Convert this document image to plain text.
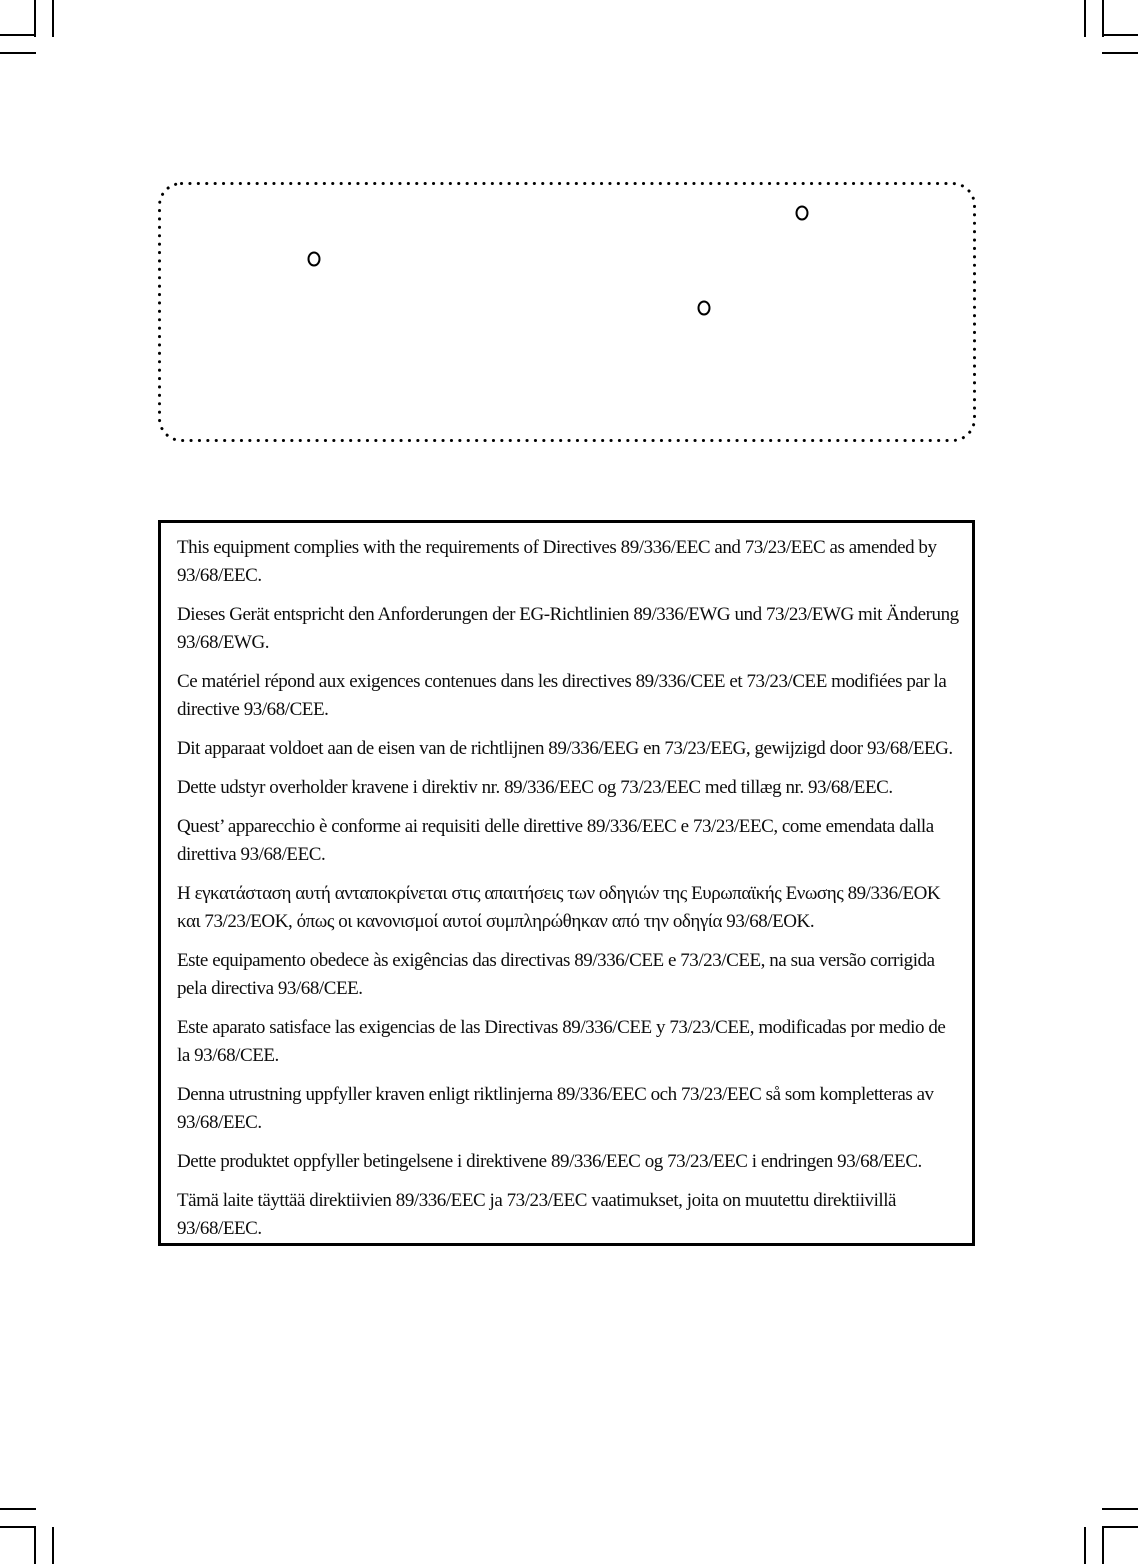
This equipment complies with the requirements of Directives 89/336/EEC and 73/23/EEC as amended by 93/68/EEC.

Dieses Gerät entspricht den Anforderungen der EG-Richtlinien 89/336/EWG und 73/23/EWG mit Änderung 93/68/EWG.

Ce matériel répond aux exigences contenues dans les directives 89/336/CEE et 73/23/CEE modifiées par la directive 93/68/CEE.

Dit apparaat voldoet aan de eisen van de richtlijnen 89/336/EEG en 73/23/EEG, gewijzigd door 93/68/EEG.

Dette udstyr overholder kravene i direktiv nr. 89/336/EEC og 73/23/EEC med tillæg nr. 93/68/EEC.

Quest’ apparecchio è conforme ai requisiti delle direttive 89/336/EEC e 73/23/EEC, come emendata dalla direttiva 93/68/EEC.

Η εγκατάσταση αυτή ανταποκρίνεται στις απαιτήσεις των οδηγιών της Ευρωπαϊκής Ενωσης 89/336/ΕΟΚ και 73/23/ΕΟΚ, όπως οι κανονισμοί αυτοί συμπληρώθηκαν από την οδηγία 93/68/ΕΟΚ.

Este equipamento obedece às exigências das directivas 89/336/CEE e 73/23/CEE, na sua versão corrigida pela directiva 93/68/CEE.

Este aparato satisface las exigencias de las Directivas 89/336/CEE y 73/23/CEE, modificadas por medio de la 93/68/CEE.

Denna utrustning uppfyller kraven enligt riktlinjerna 89/336/EEC och 73/23/EEC så som kompletteras av 93/68/EEC.

Dette produktet oppfyller betingelsene i direktivene 89/336/EEC og 73/23/EEC i endringen 93/68/EEC.

Tämä laite täyttää direktiivien 89/336/EEC ja 73/23/EEC vaatimukset, joita on muutettu direktiivillä 93/68/EEC.
